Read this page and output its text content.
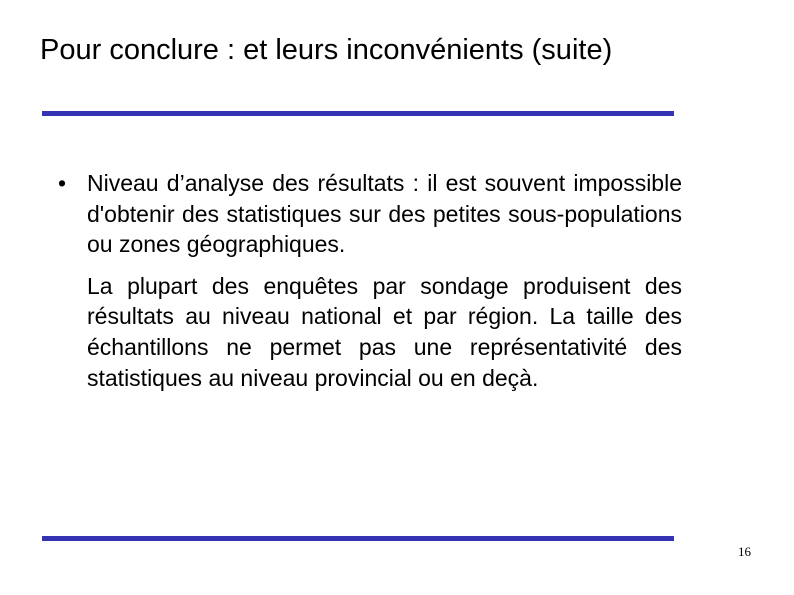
Pour conclure : et leurs inconvénients (suite)
• Niveau d’analyse des résultats : il est souvent impossible d'obtenir des statistiques sur des petites sous-populations ou zones géographiques.

La plupart des enquêtes par sondage produisent des résultats au niveau national et par région. La taille des échantillons ne permet pas une représentativité des statistiques au niveau provincial ou en deçà.

16
